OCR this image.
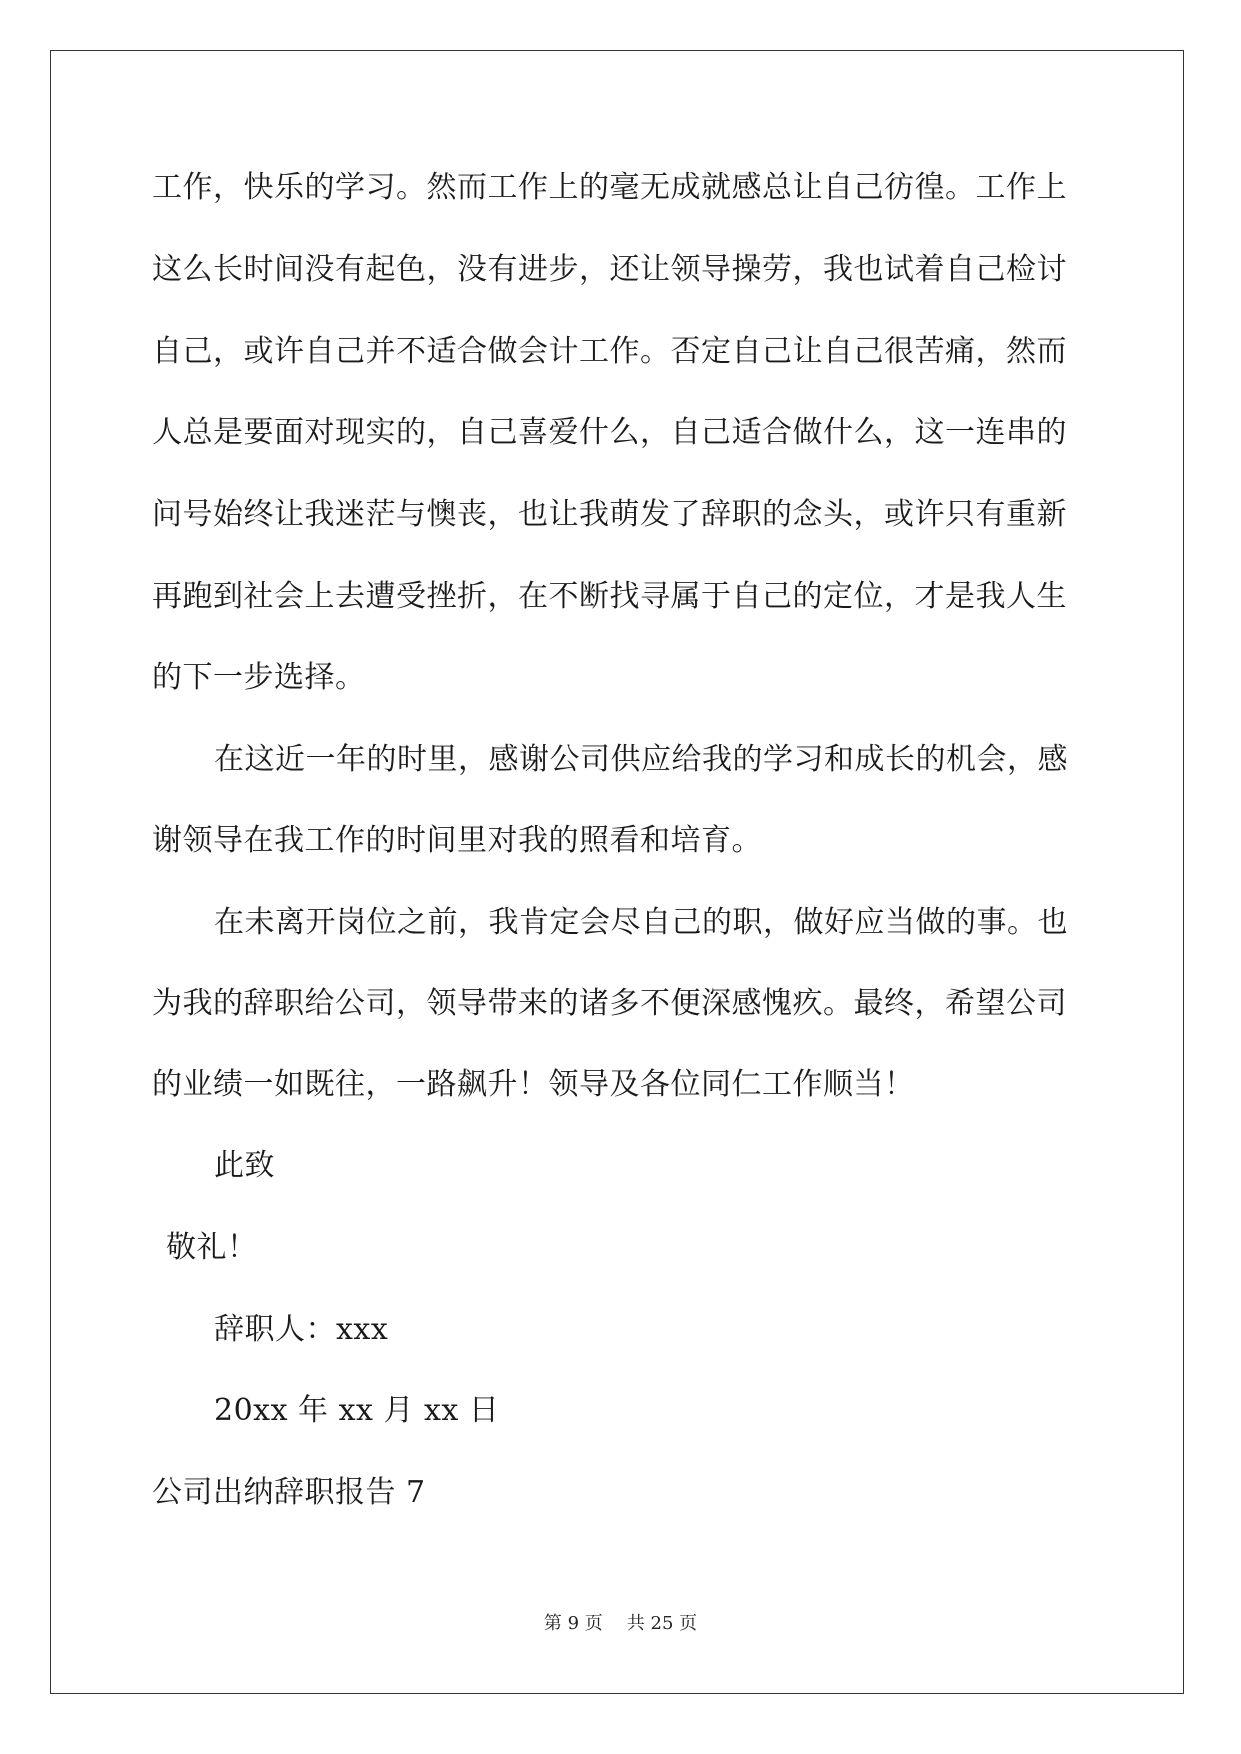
工作，快乐的学习。然而工作上的毫无成就感总让自己彷徨。工作上
这么长时间没有起色，没有进步，还让领导操劳，我也试着自己检讨
自己，或许自己并不适合做会计工作。否定自己让自己很苦痛，然而
人总是要面对现实的，自己喜爱什么，自己适合做什么，这一连串的
问号始终让我迷茫与懊丧，也让我萌发了辞职的念头，或许只有重新
再跑到社会上去遭受挫折，在不断找寻属于自己的定位，才是我人生
的下一步选择。
在这近一年的时里，感谢公司供应给我的学习和成长的机会，感
谢领导在我工作的时间里对我的照看和培育。
在未离开岗位之前，我肯定会尽自己的职，做好应当做的事。也
为我的辞职给公司，领导带来的诸多不便深感愧疚。最终，希望公司
的业绩一如既往，一路飙升！领导及各位同仁工作顺当！
此致
敬礼！
辞职人：xxx
20xx 年 xx 月 xx 日
公司出纳辞职报告 7
第 9 页 共 25 页
